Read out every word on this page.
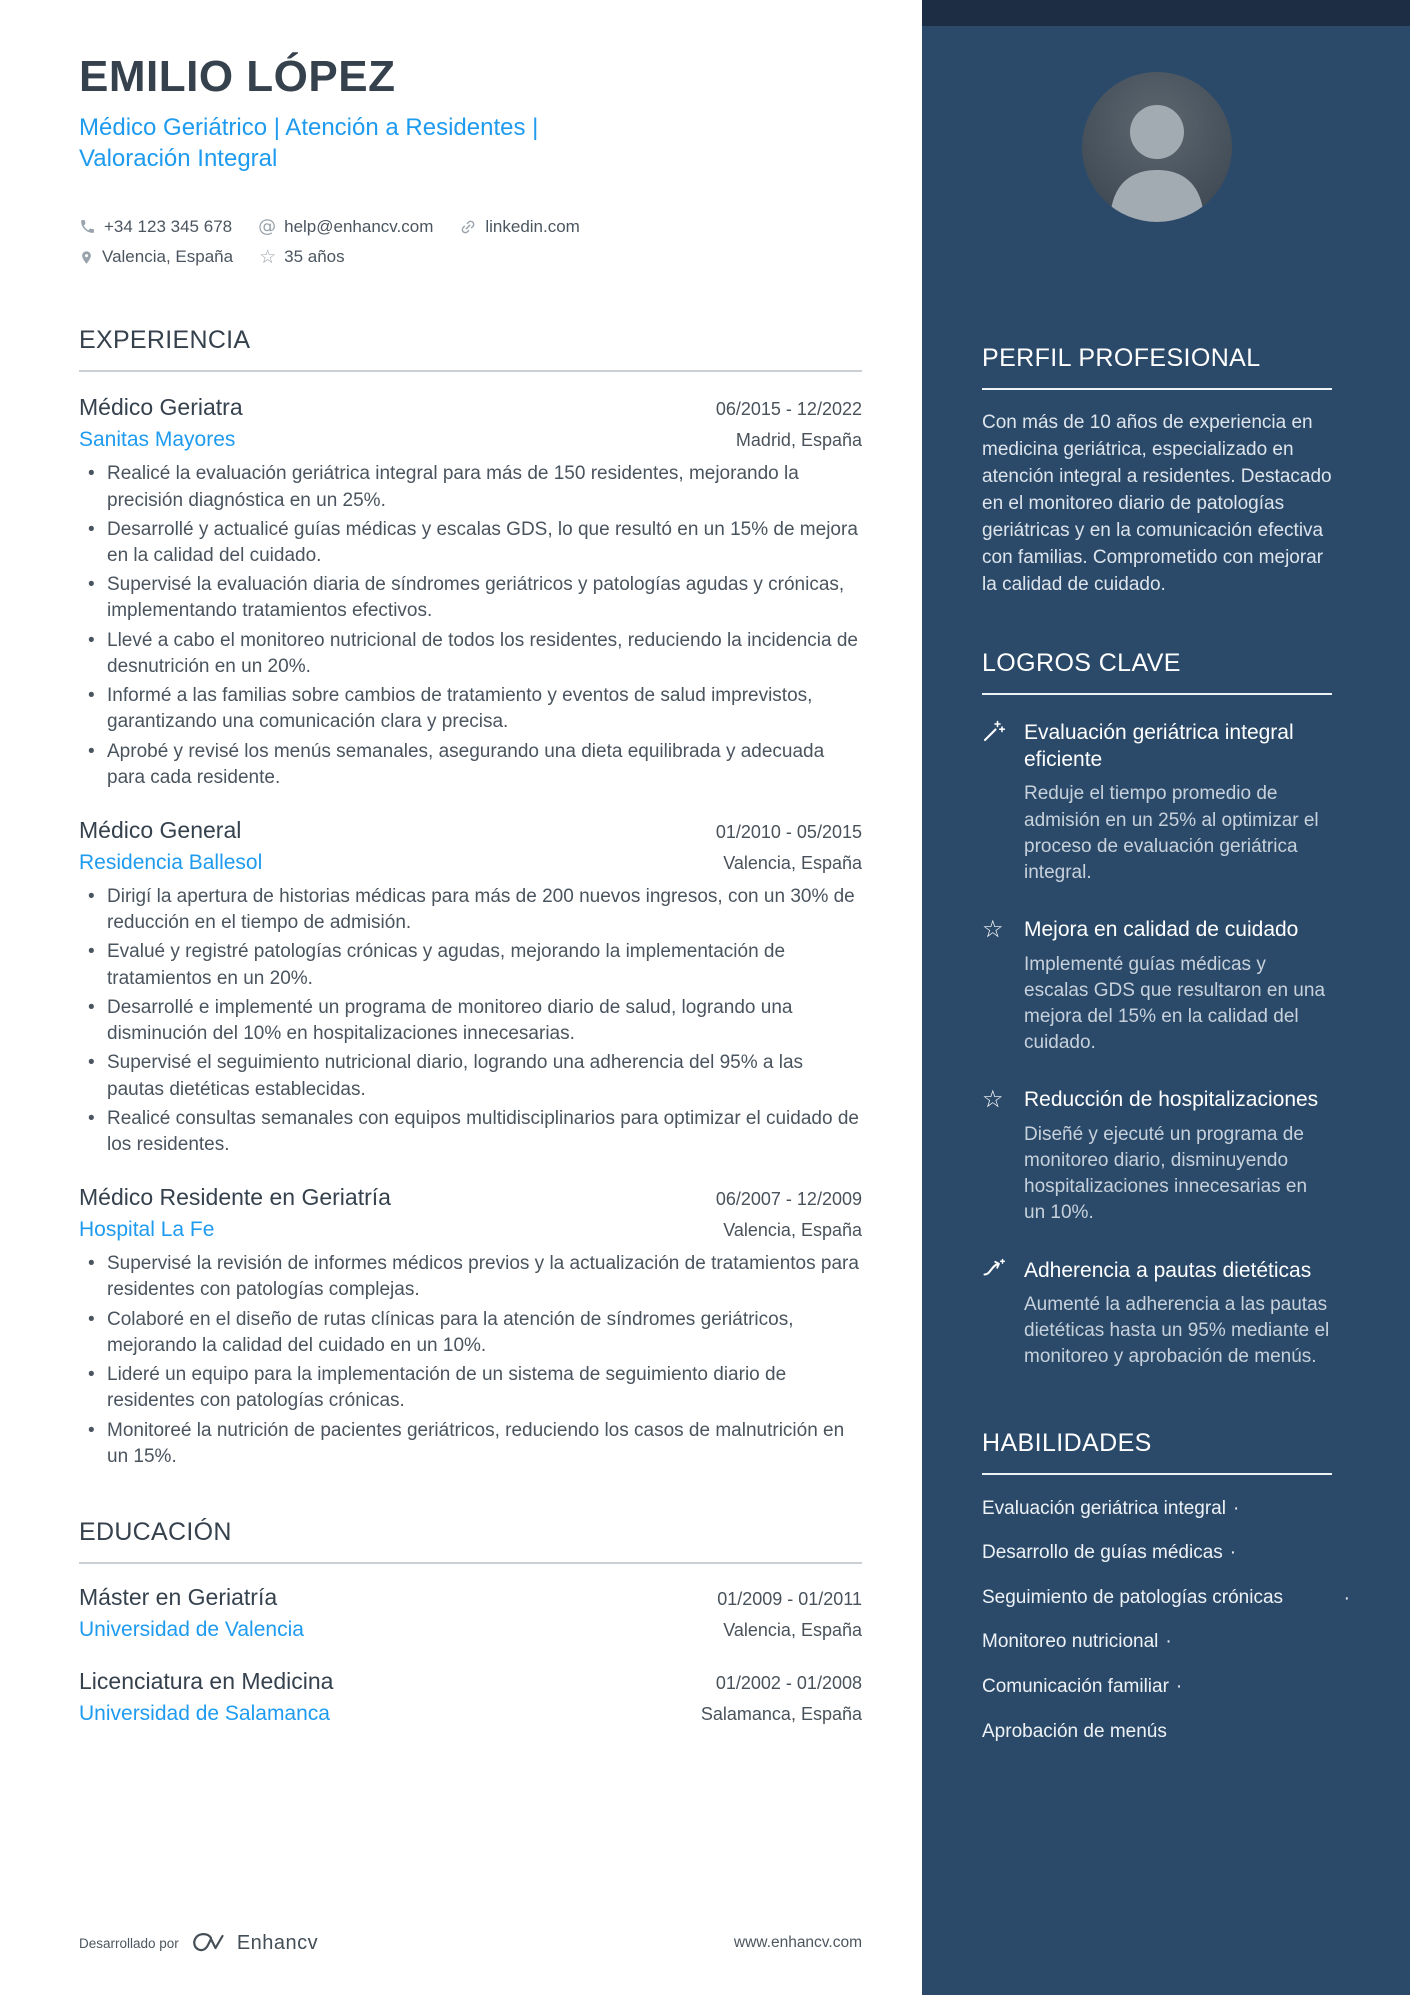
EMILIO LÓPEZ
Médico Geriátrico | Atención a Residentes | Valoración Integral
+34 123 345 678 @ help@enhancv.com	linkedin.com
Valencia, España ☆ 35 años
EXPERIENCIA
Médico Geriatra	06/2015 - 12/2022
Sanitas Mayores	Madrid, España
• Realicé la evaluación geriátrica integral para más de 150 residentes, mejorando la precisión diagnóstica en un 25%.
• Desarrollé y actualicé guías médicas y escalas GDS, lo que resultó en un 15% de mejora en la calidad del cuidado.
• Supervisé la evaluación diaria de síndromes geriátricos y patologías agudas y crónicas, implementando tratamientos efectivos.
• Llevé a cabo el monitoreo nutricional de todos los residentes, reduciendo la incidencia de desnutrición en un 20%.
• Informé a las familias sobre cambios de tratamiento y eventos de salud imprevistos, garantizando una comunicación clara y precisa.
• Aprobé y revisé los menús semanales, asegurando una dieta equilibrada y adecuada para cada residente.
Médico General	01/2010 - 05/2015
Residencia Ballesol	Valencia, España
• Dirigí la apertura de historias médicas para más de 200 nuevos ingresos, con un 30% de reducción en el tiempo de admisión.
• Evalué y registré patologías crónicas y agudas, mejorando la implementación de tratamientos en un 20%.
• Desarrollé e implementé un programa de monitoreo diario de salud, logrando una disminución del 10% en hospitalizaciones innecesarias.
• Supervisé el seguimiento nutricional diario, logrando una adherencia del 95% a las pautas dietéticas establecidas.
• Realicé consultas semanales con equipos multidisciplinarios para optimizar el cuidado de los residentes.
Médico Residente en Geriatría	06/2007 - 12/2009
Hospital La Fe	Valencia, España
• Supervisé la revisión de informes médicos previos y la actualización de tratamientos para residentes con patologías complejas.
• Colaboré en el diseño de rutas clínicas para la atención de síndromes geriátricos, mejorando la calidad del cuidado en un 10%.
• Lideré un equipo para la implementación de un sistema de seguimiento diario de residentes con patologías crónicas.
• Monitoreé la nutrición de pacientes geriátricos, reduciendo los casos de malnutrición en un 15%.
EDUCACIÓN
Máster en Geriatría	01/2009 - 01/2011
Universidad de Valencia	Valencia, España
Licenciatura en Medicina	01/2002 - 01/2008
Universidad de Salamanca	Salamanca, España
Desarrollado por	Enhancv	www.enhancv.com
PERFIL PROFESIONAL

Con más de 10 años de experiencia en medicina geriátrica, especializado en atención integral a residentes. Destacado en el monitoreo diario de patologías geriátricas y en la comunicación efectiva con familias. Comprometido con mejorar la calidad de cuidado.

LOGROS CLAVE
Evaluación geriátrica integral eficiente
Reduje el tiempo promedio de admisión en un 25% al optimizar el proceso de evaluación geriátrica integral.
☆ Mejora en calidad de cuidado
Implementé guías médicas y escalas GDS que resultaron en una mejora del 15% en la calidad del cuidado.
☆ Reducción de hospitalizaciones
Diseñé y ejecuté un programa de monitoreo diario, disminuyendo hospitalizaciones innecesarias en un 10%.
Adherencia a pautas dietéticas
Aumenté la adherencia a las pautas dietéticas hasta un 95% mediante el monitoreo y aprobación de menús.
HABILIDADES
Evaluación geriátrica integral ·
Desarrollo de guías médicas ·
Seguimiento de patologías crónicas	·
Monitoreo nutricional ·
Comunicación familiar ·
Aprobación de menús
